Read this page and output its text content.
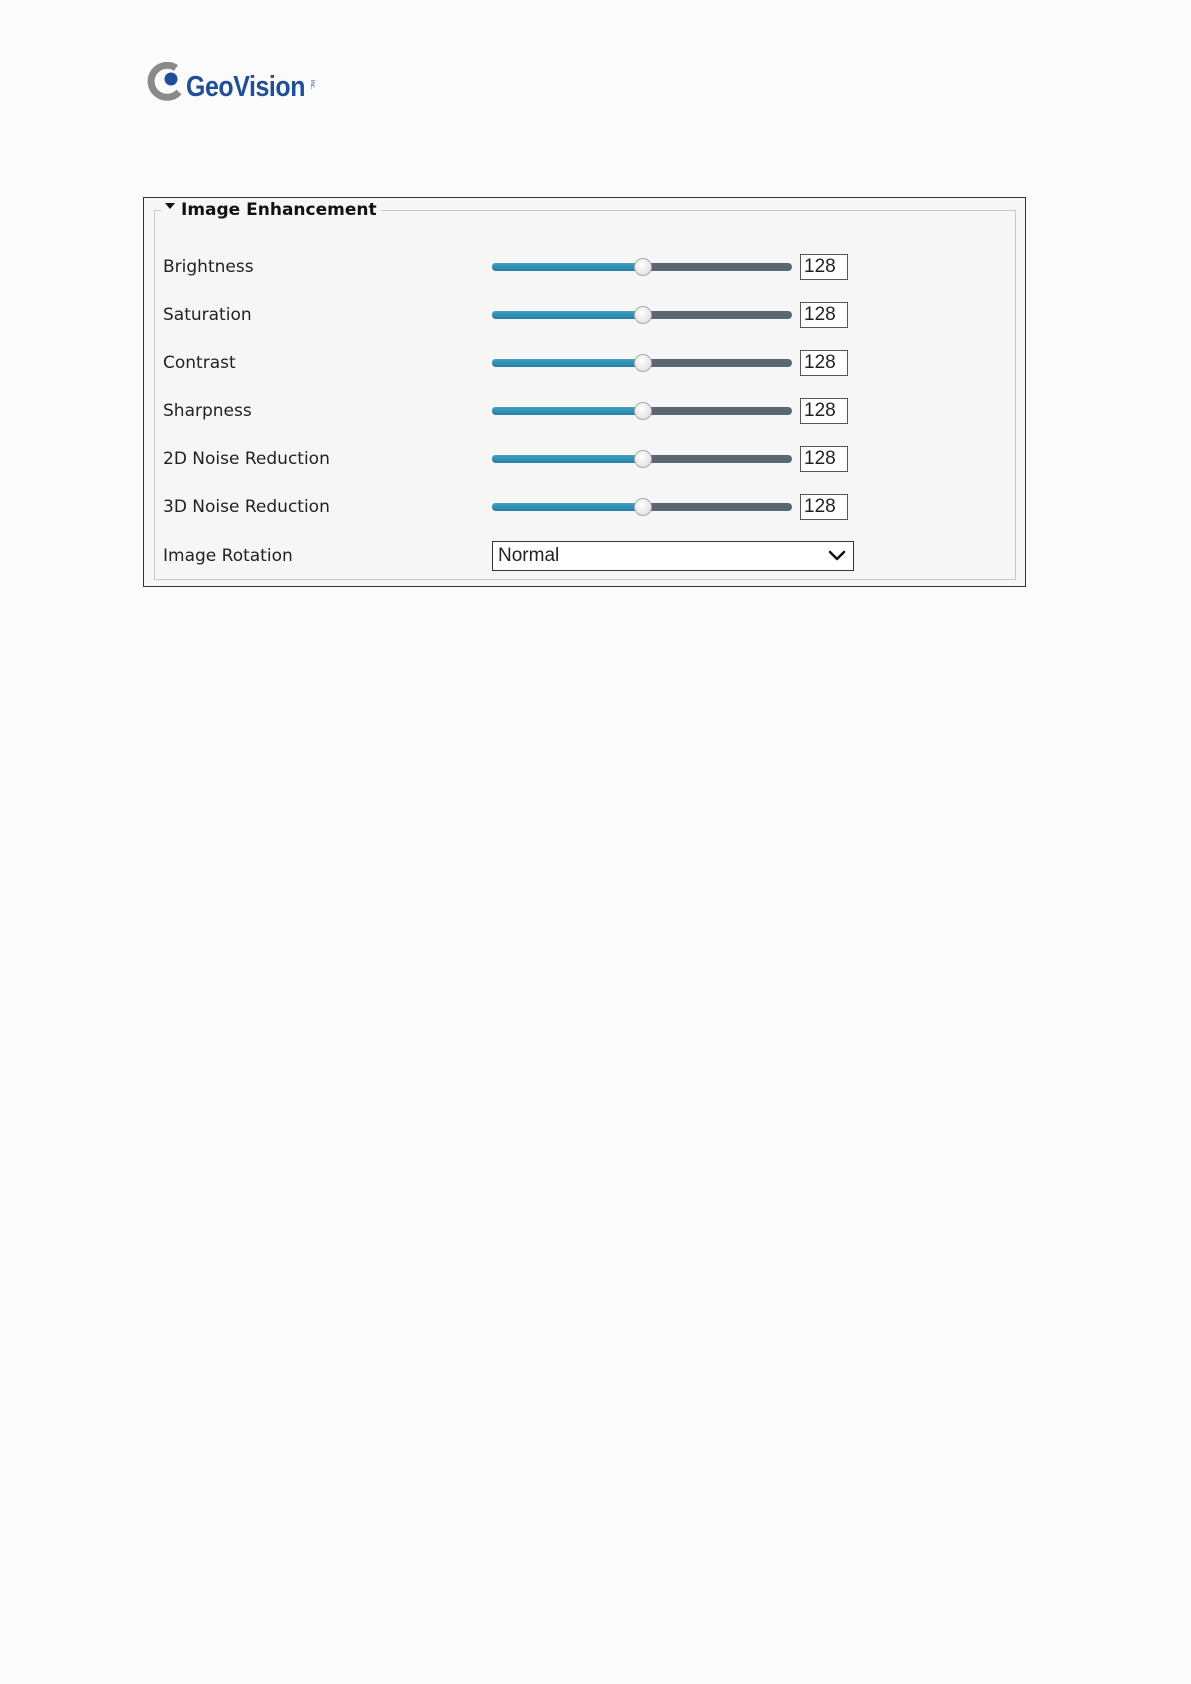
GeoVision inc.
Image Enhancement
Brightness	128
Saturation	128
Contrast	128
Sharpness	128
2D Noise Reduction	128
3D Noise Reduction	128
Image Rotation	Normal
